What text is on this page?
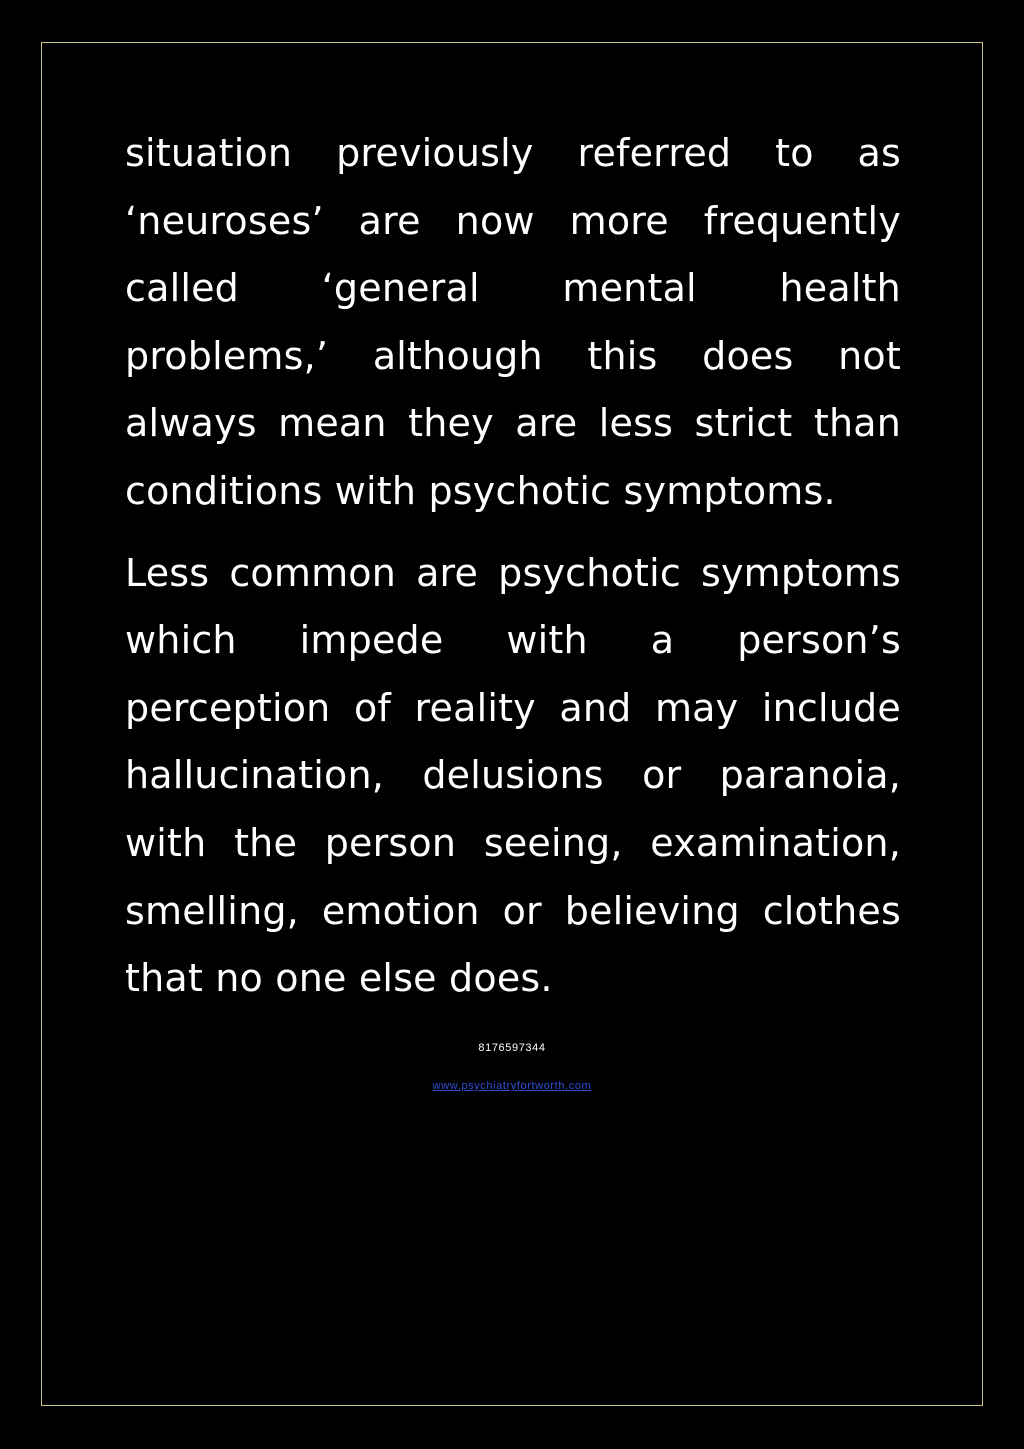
situation previously referred to as
‘neuroses’ are now more frequently
called ‘general mental health
problems,’ although this does not
always mean they are less strict than
conditions with psychotic symptoms.
Less common are psychotic symptoms
which impede with a person’s
perception of reality and may include
hallucination, delusions or paranoia,
with the person seeing, examination,
smelling, emotion or believing clothes
that no one else does.
8176597344
www.psychiatryfortworth.com
